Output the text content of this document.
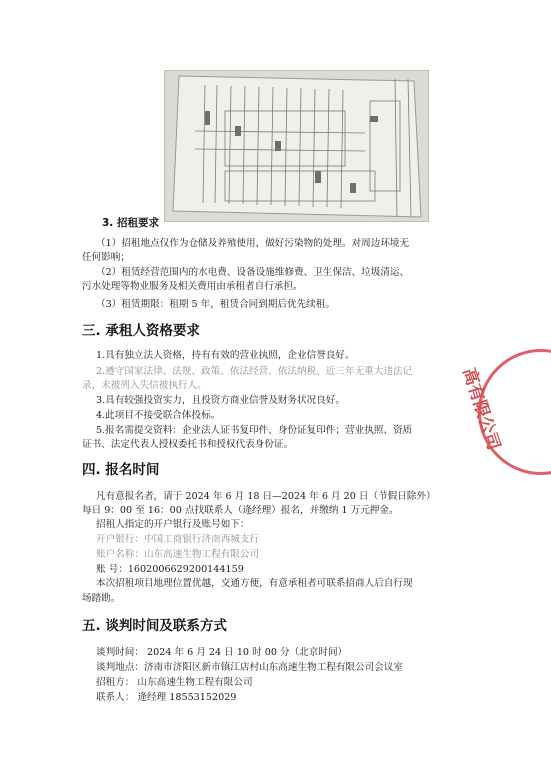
3. 招租要求
（1）招租地点仅作为仓储及养殖使用，做好污染物的处理。对周边环境无
任何影响；
（2）租赁经营范围内的水电费、设备设施维修费、卫生保洁、垃圾清运、
污水处理等物业服务及相关费用由承租者自行承担。
（3）租赁期限：租期 5 年，租赁合同到期后优先续租。
三. 承租人资格要求
1.具有独立法人资格，持有有效的营业执照，企业信誉良好。
2.遵守国家法律、法规、政策、依法经营、依法纳税、近三年无重大违法记
录，未被列入失信被执行人。
3.具有较强投资实力，且投资方商业信誉及财务状况良好。
4.此项目不接受联合体投标。
5.报名需提交资料：企业法人证书复印件、身份证复印件；营业执照、资质
证书、法定代表人授权委托书和授权代表身份证。
四. 报名时间
凡有意报名者，请于 2024 年 6 月 18 日—2024 年 6 月 20 日（节假日除外）
每日 9：00 至 16：00 点找联系人（逄经理）报名，并缴纳 1 万元押金。
招租人指定的开户银行及账号如下：
开户银行：中国工商银行济南西城支行
账户名称：山东高速生物工程有限公司
账 号：1602006629200144159
本次招租项目地理位置优越，交通方便，有意承租者可联系招商人后自行现
场踏勘。
五. 谈判时间及联系方式
谈判时间： 2024 年 6 月 24 日 10 时 00 分（北京时间）
谈判地点：济南市济阳区新市镇江店村山东高速生物工程有限公司会议室
招租方： 山东高速生物工程有限公司
联系人： 逄经理 18553152029
高有限公司
